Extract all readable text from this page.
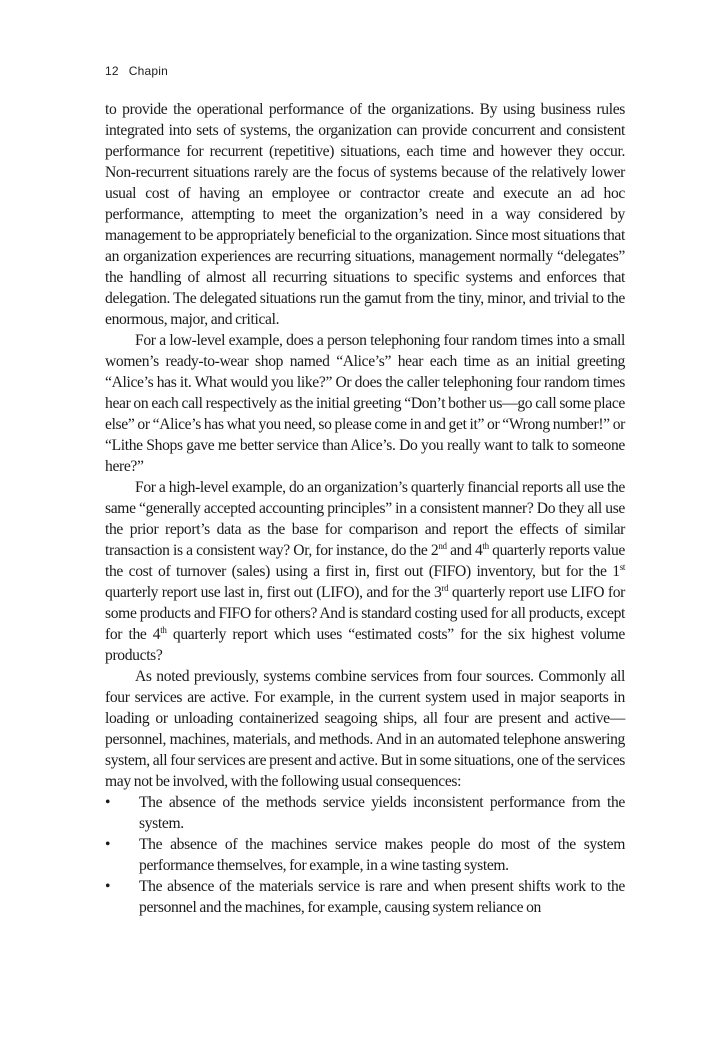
12 Chapin

to provide the operational performance of the organizations. By using business rules integrated into sets of systems, the organization can provide concurrent and consistent performance for recurrent (repetitive) situations, each time and however they occur. Non-recurrent situations rarely are the focus of systems because of the relatively lower usual cost of having an employee or contractor create and execute an ad hoc performance, attempting to meet the organization’s need in a way considered by management to be appropriately beneficial to the organization. Since most situations that an organization experiences are recurring situations, management normally “delegates” the handling of almost all recurring situations to specific systems and enforces that delegation. The delegated situations run the gamut from the tiny, minor, and trivial to the enormous, major, and critical.

For a low-level example, does a person telephoning four random times into a small women’s ready-to-wear shop named “Alice’s” hear each time as an initial greeting “Alice’s has it. What would you like?” Or does the caller telephoning four random times hear on each call respectively as the initial greeting “Don’t bother us—go call some place else” or “Alice’s has what you need, so please come in and get it” or “Wrong number!” or “Lithe Shops gave me better service than Alice’s. Do you really want to talk to someone here?”

For a high-level example, do an organization’s quarterly financial reports all use the same “generally accepted accounting principles” in a consistent manner? Do they all use the prior report’s data as the base for comparison and report the effects of similar transaction is a consistent way? Or, for instance, do the 2nd and 4th quarterly reports value the cost of turnover (sales) using a first in, first out (FIFO) inventory, but for the 1st quarterly report use last in, first out (LIFO), and for the 3rd quarterly report use LIFO for some products and FIFO for others? And is standard costing used for all products, except for the 4th quarterly report which uses “estimated costs” for the six highest volume products?

As noted previously, systems combine services from four sources. Commonly all four services are active. For example, in the current system used in major seaports in loading or unloading containerized seagoing ships, all four are present and active—personnel, machines, materials, and methods. And in an automated telephone answering system, all four services are present and active. But in some situations, one of the services may not be involved, with the following usual consequences:

• The absence of the methods service yields inconsistent performance from the system.
• The absence of the machines service makes people do most of the system performance themselves, for example, in a wine tasting system.
• The absence of the materials service is rare and when present shifts work to the personnel and the machines, for example, causing system reliance on
